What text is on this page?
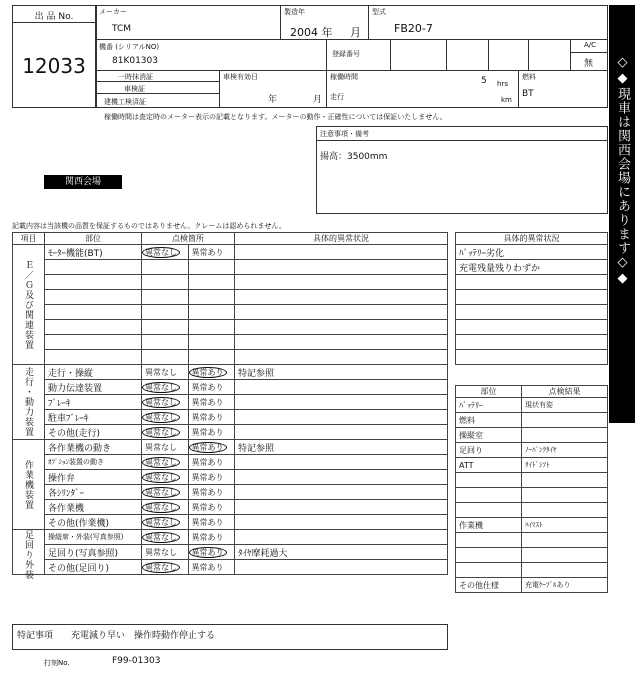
出 品 No.
12033
メーカー
TCM
製造年
2004 年 月
型式
FB20-7
機番 (シリアルNO)
81K01303
登録番号
A/C
無
一時抹消証
車検証
建機工検済証
車検有効日
年	月
稼働時間	5 hrs
走行	km
燃料
BT
稼働時間は査定時のメーター表示の記載となります。メーターの動作・正確性については保証いたしません。
注意事項・備考
揚高：3500mm
関西会場
記載内容は当該機の品質を保証するものではありません。クレームは認められません。	◇◆現車は関西会場にあります◇◆
項目	部位	点検箇所		具体的異常状況
Ｅ／Ｇ及び関連装置	ﾓｰﾀｰ機能(BT)	異常なし	異常あり	

走行・動力装置	走行・操縦	異常なし	異常あり	特記参照
	動力伝達装置	異常なし	異常あり	
	ﾌﾞﾚｰｷ	異常なし	異常あり	
	駐車ﾌﾞﾚｰｷ	異常なし	異常あり	
	その他(走行)	異常なし	異常あり	
作業機装置	各作業機の動き	異常なし	異常あり	特記参照
	ｵﾌﾟｼｮﾝ装置の動き	異常なし	異常あり	
	操作弁	異常なし	異常あり	
	各ｼﾘﾝﾀﾞｰ	異常なし	異常あり	
	各作業機	異常なし	異常あり	
	その他(作業機)	異常なし	異常あり	
足回り外装	操縦席・外装(写真参照)	異常なし	異常あり	
	足回り(写真参照)	異常なし	異常あり	ﾀｲﾔ摩耗過大
	その他(足回り)	異常なし	異常あり	
特記事項 充電減り早い　操作時動作停止する
打刻No.	F99-01303
具体的異常状況
ﾊﾞｯﾃﾘｰ劣化
充電残量残りわずか

部位	点検結果
ﾊﾞｯﾃﾘｰ	現状有姿
燃料	
操縦室	
足回り	ﾉｰﾊﾟﾝｸﾀｲﾔ
ATT	ｻｲﾄﾞｼﾌﾄ

作業機	ﾊｲﾏｽﾄ

その他仕様	充電ｹｰﾌﾞﾙあり
